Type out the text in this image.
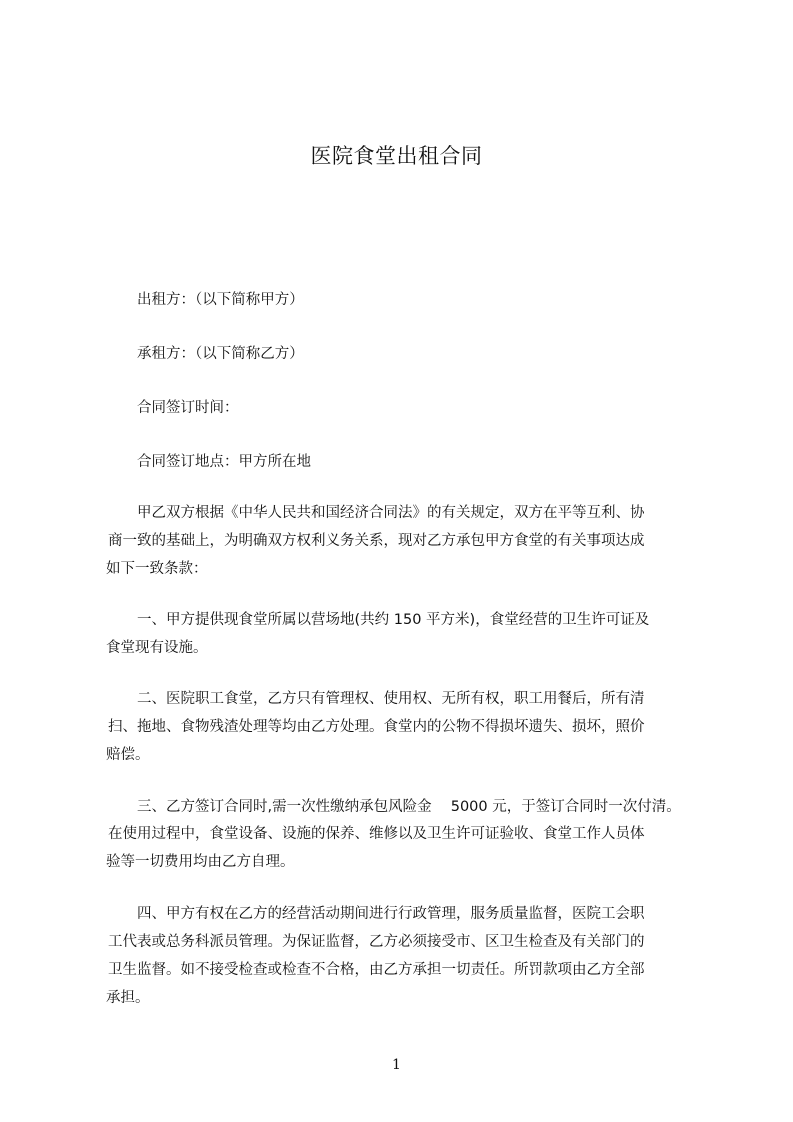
医院食堂出租合同
出租方：（以下简称甲方）
承租方：（以下简称乙方）
合同签订时间：
合同签订地点：甲方所在地
甲乙双方根据《中华人民共和国经济合同法》的有关规定，双方在平等互利、协
商一致的基础上，为明确双方权利义务关系，现对乙方承包甲方食堂的有关事项达成
如下一致条款：
一、甲方提供现食堂所属以营场地(共约 150 平方米)，食堂经营的卫生许可证及
食堂现有设施。
二、医院职工食堂，乙方只有管理权、使用权、无所有权，职工用餐后，所有清
扫、拖地、食物残渣处理等均由乙方处理。食堂内的公物不得损坏遗失、损坏，照价
赔偿。
三、乙方签订合同时,需一次性缴纳承包风险金　 5000 元，于签订合同时一次付清。
在使用过程中，食堂设备、设施的保养、维修以及卫生许可证验收、食堂工作人员体
验等一切费用均由乙方自理。
四、甲方有权在乙方的经营活动期间进行行政管理，服务质量监督，医院工会职
工代表或总务科派员管理。为保证监督，乙方必须接受市、区卫生检查及有关部门的
卫生监督。如不接受检查或检查不合格，由乙方承担一切责任。所罚款项由乙方全部
承担。
1
